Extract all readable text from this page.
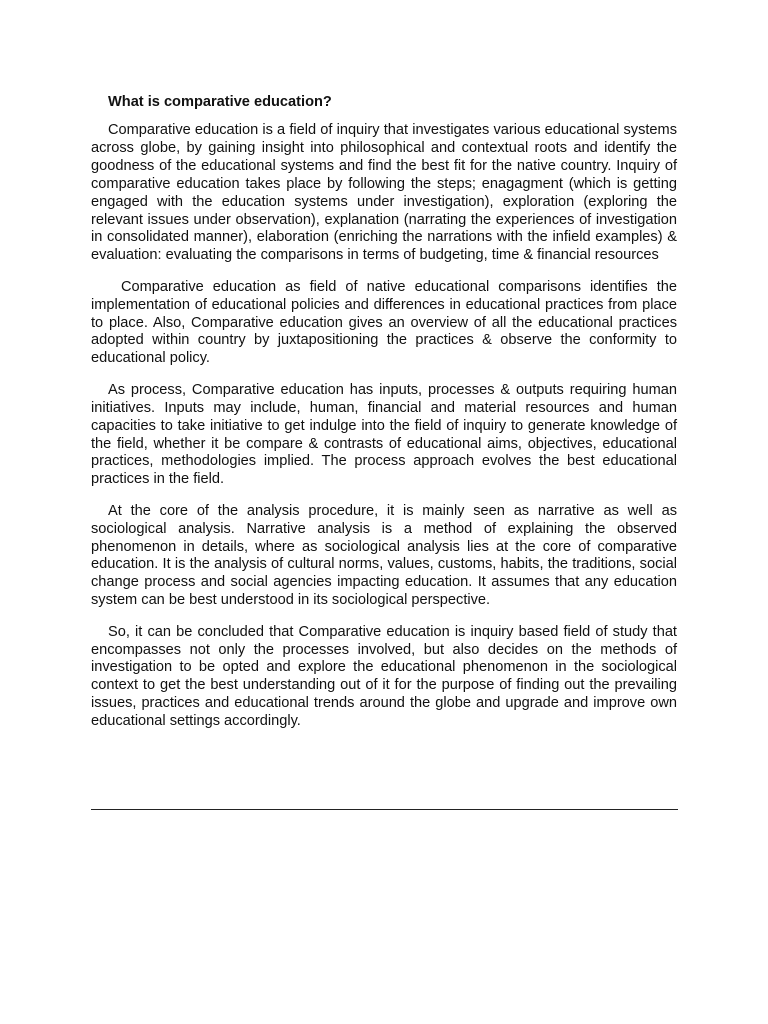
What is comparative education?

Comparative education is a field of inquiry that investigates various educational systems across globe, by gaining insight into philosophical and contextual roots and identify the goodness of the educational systems and find the best fit for the native country. Inquiry of comparative education takes place by following the steps; enagagment (which is getting engaged with the education systems under investigation), exploration (exploring the relevant issues under observation), explanation (narrating the experiences of investigation in consolidated manner), elaboration (enriching the narrations with the infield examples) & evaluation: evaluating the comparisons in terms of budgeting, time & financial resources

Comparative education as field of native educational comparisons identifies the implementation of educational policies and differences in educational practices from place to place. Also, Comparative education gives an overview of all the educational practices adopted within country by juxtapositioning the practices & observe the conformity to educational policy.

As process, Comparative education has inputs, processes & outputs requiring human initiatives. Inputs may include, human, financial and material resources and human capacities to take initiative to get indulge into the field of inquiry to generate knowledge of the field, whether it be compare & contrasts of educational aims, objectives, educational practices, methodologies implied. The process approach evolves the best educational practices in the field.

At the core of the analysis procedure, it is mainly seen as narrative as well as sociological analysis. Narrative analysis is a method of explaining the observed phenomenon in details, where as sociological analysis lies at the core of comparative education. It is the analysis of cultural norms, values, customs, habits, the traditions, social change process and social agencies impacting education. It assumes that any education system can be best understood in its sociological perspective.

So, it can be concluded that Comparative education is inquiry based field of study that encompasses not only the processes involved, but also decides on the methods of investigation to be opted and explore the educational phenomenon in the sociological context to get the best understanding out of it for the purpose of finding out the prevailing issues, practices and educational trends around the globe and upgrade and improve own educational settings accordingly.
